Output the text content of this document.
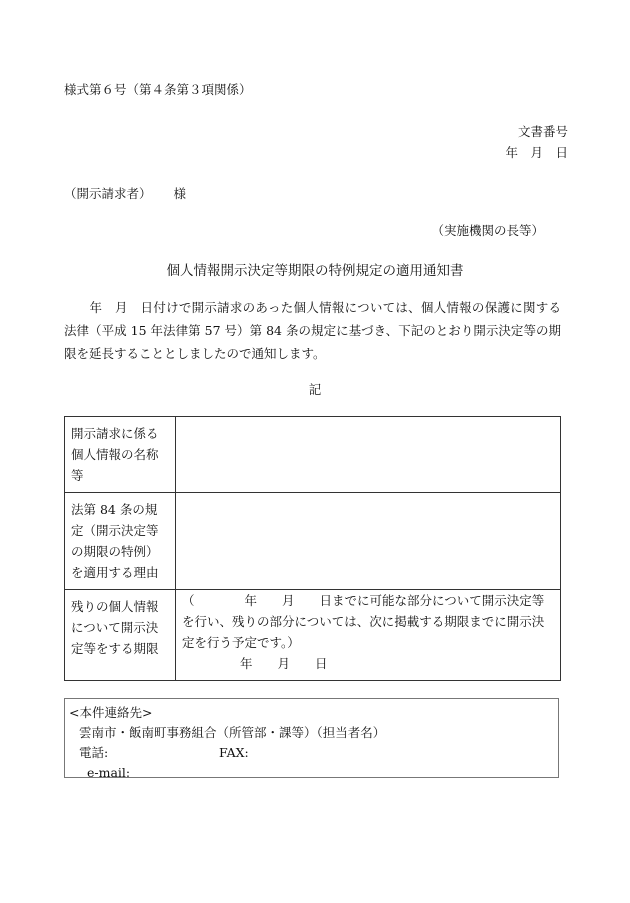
様式第６号（第４条第３項関係）
文書番号
年　月　日
（開示請求者） 様
（実施機関の長等）
個人情報開示決定等期限の特例規定の適用通知書
　　年　月　日付けで開示請求のあった個人情報については、個人情報の保護に関する法律（平成 15 年法律第 57 号）第 84 条の規定に基づき、下記のとおり開示決定等の期限を延長することとしましたので通知します。
記
開示請求に係る個人情報の名称等	
法第 84 条の規定（開示決定等の期限の特例）を適用する理由	
残りの個人情報について開示決定等をする期限	（　　　　年　　月　　日までに可能な部分について開示決定等を行い、残りの部分については、次に掲載する期限までに開示決定を行う予定です。）
年　　月　　日
<本件連絡先>
雲南市・飯南町事務組合（所管部・課等）（担当者名）
電話:	FAX:
e-mail:
